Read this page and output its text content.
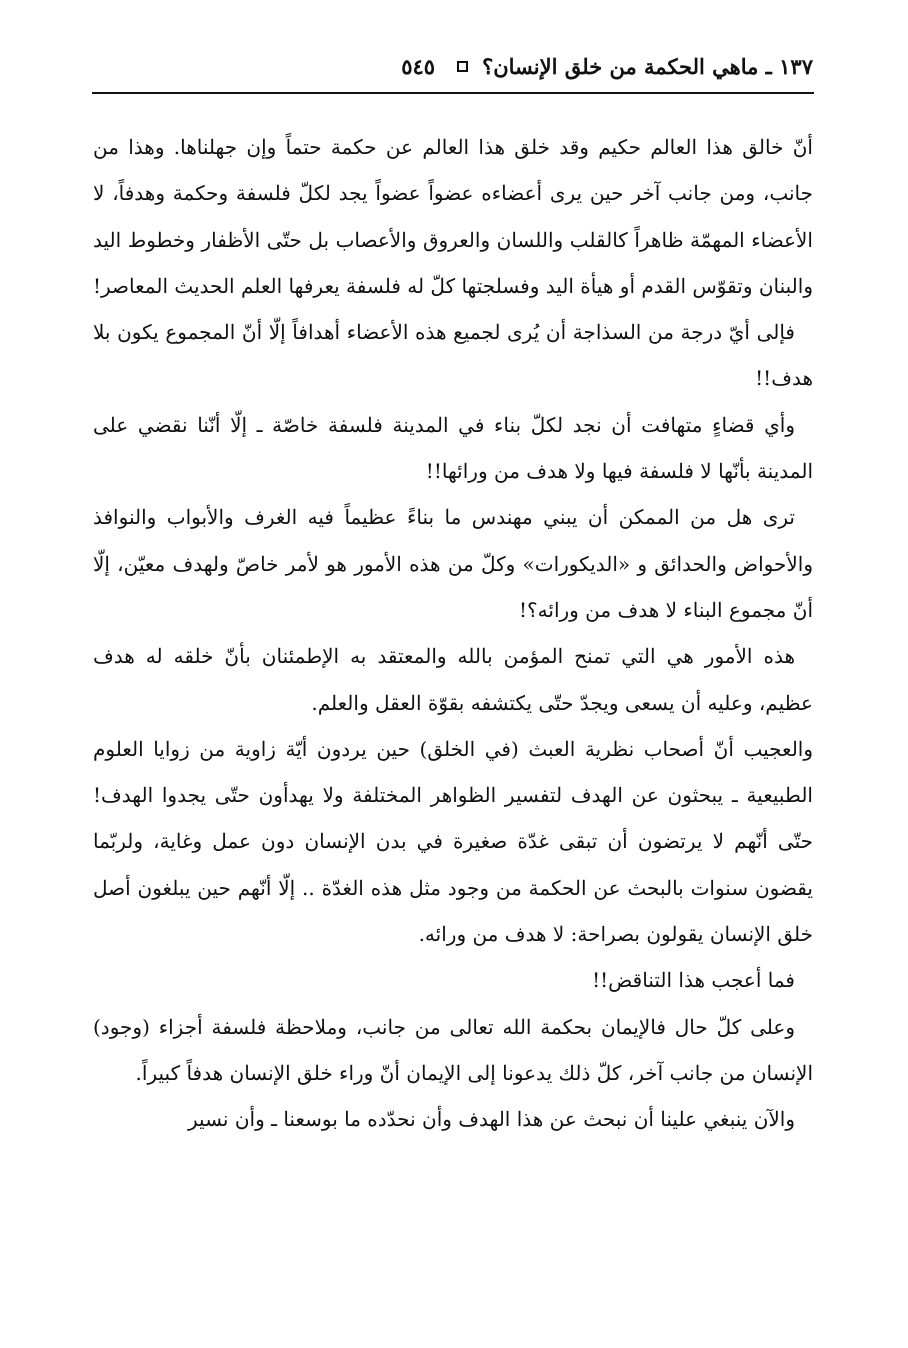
١٣٧ ـ ماهي الحكمة من خلق الإنسان؟
٥٤٥

أنّ خالق هذا العالم حكيم وقد خلق هذا العالم عن حكمة حتماً وإن جهلناها. وهذا من جانب، ومن جانب آخر حين يرى أعضاءه عضواً عضواً يجد لكلّ فلسفة وحكمة وهدفاً، لا الأعضاء المهمّة ظاهراً كالقلب واللسان والعروق والأعصاب بل حتّى الأظفار وخطوط اليد والبنان وتقوّس القدم أو هيأة اليد وفسلجتها كلّ له فلسفة يعرفها العلم الحديث المعاصر!

فإلى أيّ درجة من السذاجة أن يُرى لجميع هذه الأعضاء أهدافاً إلّا أنّ المجموع يكون بلا هدف!!

وأي قضاءٍ متهافت أن نجد لكلّ بناء في المدينة فلسفة خاصّة ـ إلّا أنّنا نقضي على المدينة بأنّها لا فلسفة فيها ولا هدف من ورائها!!

ترى هل من الممكن أن يبني مهندس ما بناءً عظيماً فيه الغرف والأبواب والنوافذ والأحواض والحدائق و «الديكورات» وكلّ من هذه الأمور هو لأمر خاصّ ولهدف معيّن، إلّا أنّ مجموع البناء لا هدف من ورائه؟!

هذه الأمور هي التي تمنح المؤمن بالله والمعتقد به الإطمئنان بأنّ خلقه له هدف عظيم، وعليه أن يسعى ويجدّ حتّى يكتشفه بقوّة العقل والعلم.

والعجيب أنّ أصحاب نظرية العبث (في الخلق) حين يردون أيّة زاوية من زوايا العلوم الطبيعية ـ يبحثون عن الهدف لتفسير الظواهر المختلفة ولا يهدأون حتّى يجدوا الهدف! حتّى أنّهم لا يرتضون أن تبقى غدّة صغيرة في بدن الإنسان دون عمل وغاية، ولربّما يقضون سنوات بالبحث عن الحكمة من وجود مثل هذه الغدّة .. إلّا أنّهم حين يبلغون أصل خلق الإنسان يقولون بصراحة: لا هدف من ورائه.

فما أعجب هذا التناقض!!

وعلى كلّ حال فالإيمان بحكمة الله تعالى من جانب، وملاحظة فلسفة أجزاء (وجود) الإنسان من جانب آخر، كلّ ذلك يدعونا إلى الإيمان أنّ وراء خلق الإنسان هدفاً كبيراً.

والآن ينبغي علينا أن نبحث عن هذا الهدف وأن نحدّده ما بوسعنا ـ وأن نسير
